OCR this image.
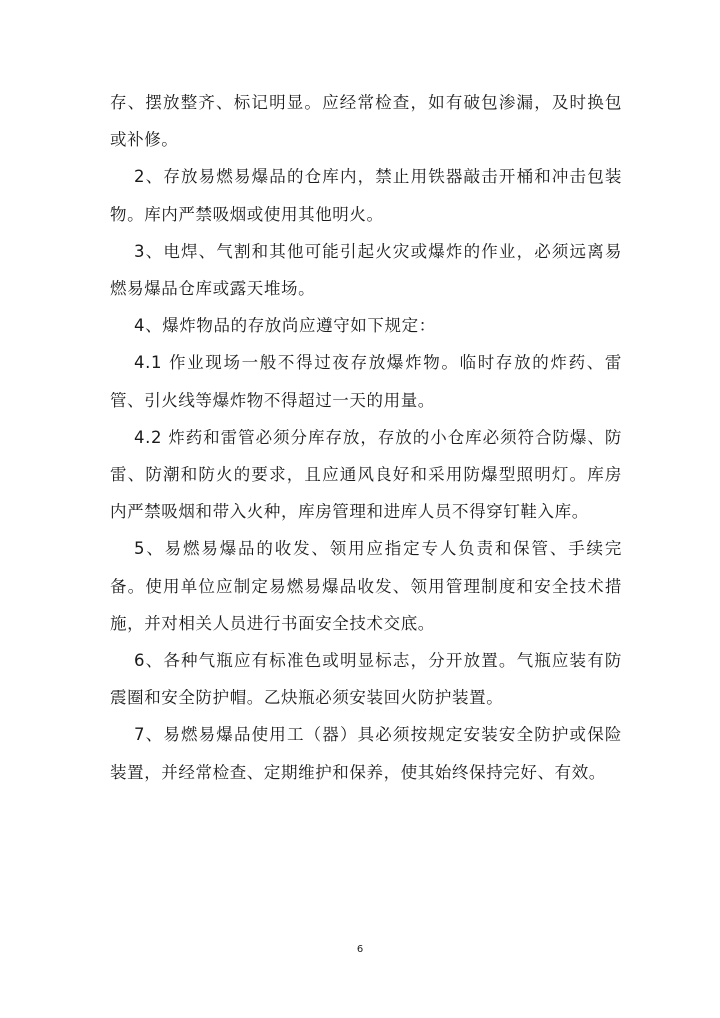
存、摆放整齐、标记明显。应经常检查，如有破包渗漏，及时换包或补修。

2、存放易燃易爆品的仓库内，禁止用铁器敲击开桶和冲击包装物。库内严禁吸烟或使用其他明火。

3、电焊、气割和其他可能引起火灾或爆炸的作业，必须远离易燃易爆品仓库或露天堆场。

4、爆炸物品的存放尚应遵守如下规定：

4.1 作业现场一般不得过夜存放爆炸物。临时存放的炸药、雷管、引火线等爆炸物不得超过一天的用量。

4.2 炸药和雷管必须分库存放，存放的小仓库必须符合防爆、防雷、防潮和防火的要求，且应通风良好和采用防爆型照明灯。库房内严禁吸烟和带入火种，库房管理和进库人员不得穿钉鞋入库。

5、易燃易爆品的收发、领用应指定专人负责和保管、手续完备。使用单位应制定易燃易爆品收发、领用管理制度和安全技术措施，并对相关人员进行书面安全技术交底。

6、各种气瓶应有标准色或明显标志，分开放置。气瓶应装有防震圈和安全防护帽。乙炔瓶必须安装回火防护装置。

7、易燃易爆品使用工（器）具必须按规定安装安全防护或保险装置，并经常检查、定期维护和保养，使其始终保持完好、有效。

6
